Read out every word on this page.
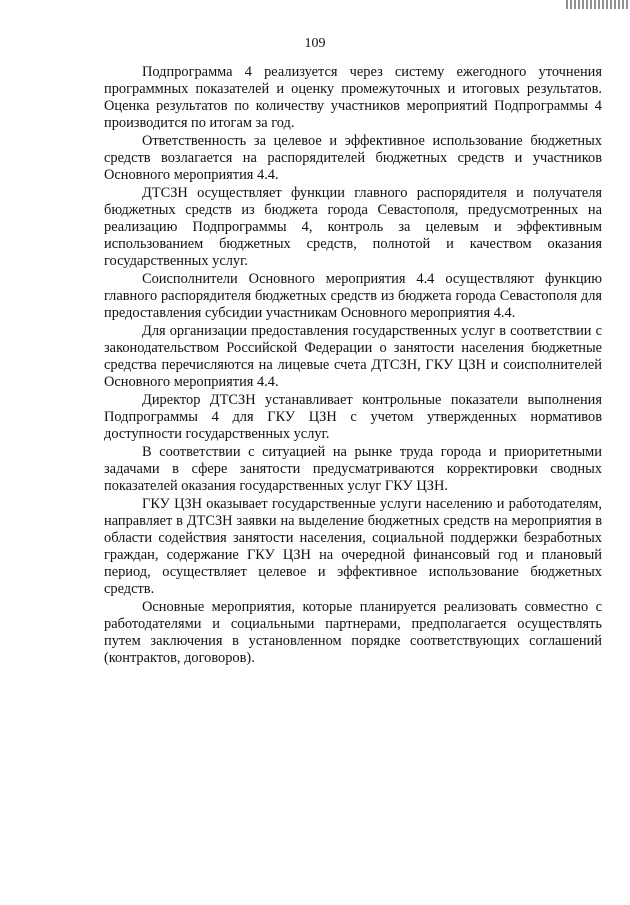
109

Подпрограмма 4 реализуется через систему ежегодного уточнения программных показателей и оценку промежуточных и итоговых результатов. Оценка результатов по количеству участников мероприятий Подпрограммы 4 производится по итогам за год.

Ответственность за целевое и эффективное использование бюджетных средств возлагается на распорядителей бюджетных средств и участников Основного мероприятия 4.4.

ДТСЗН осуществляет функции главного распорядителя и получателя бюджетных средств из бюджета города Севастополя, предусмотренных на реализацию Подпрограммы 4, контроль за целевым и эффективным использованием бюджетных средств, полнотой и качеством оказания государственных услуг.

Соисполнители Основного мероприятия 4.4 осуществляют функцию главного распорядителя бюджетных средств из бюджета города Севастополя для предоставления субсидии участникам Основного мероприятия 4.4.

Для организации предоставления государственных услуг в соответствии с законодательством Российской Федерации о занятости населения бюджетные средства перечисляются на лицевые счета ДТСЗН, ГКУ ЦЗН и соисполнителей Основного мероприятия 4.4.

Директор ДТСЗН устанавливает контрольные показатели выполнения Подпрограммы 4 для ГКУ ЦЗН с учетом утвержденных нормативов доступности государственных услуг.

В соответствии с ситуацией на рынке труда города и приоритетными задачами в сфере занятости предусматриваются корректировки сводных показателей оказания государственных услуг ГКУ ЦЗН.

ГКУ ЦЗН оказывает государственные услуги населению и работодателям, направляет в ДТСЗН заявки на выделение бюджетных средств на мероприятия в области содействия занятости населения, социальной поддержки безработных граждан, содержание ГКУ ЦЗН на очередной финансовый год и плановый период, осуществляет целевое и эффективное использование бюджетных средств.

Основные мероприятия, которые планируется реализовать совместно с работодателями и социальными партнерами, предполагается осуществлять путем заключения в установленном порядке соответствующих соглашений (контрактов, договоров).
